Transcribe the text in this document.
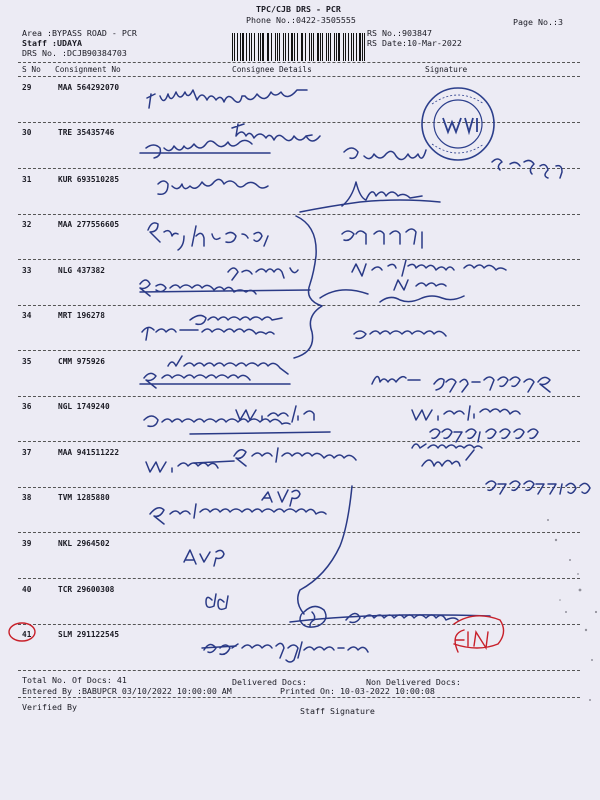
TPC/CJB DRS - PCR
Phone No.:0422-3505555	Page No.:3
Area :BYPASS ROAD - PCR
Staff :UDAYA
DRS No. :DCJB90384703
RS No.:903847
RS Date:10-Mar-2022
S No Consignment No	Consignee Details	Signature
29	MAA 564292070
30	TRE 35435746
31	KUR 693510285
32	MAA 277556605
33	NLG 437382
34	MRT 196278
35	CMM 975926
36	NGL 1749240
37	MAA 941511222
38	TVM 1285880
39	NKL 2964502
40	TCR 29600308
41	SLM 291122545
Total No. Of Docs: 41	Delivered Docs:	Non Delivered Docs:
Entered By :BABUPCR 03/10/2022 10:00:00 AM	Printed On: 10-03-2022 10:00:08
Verified By	Staff Signature
